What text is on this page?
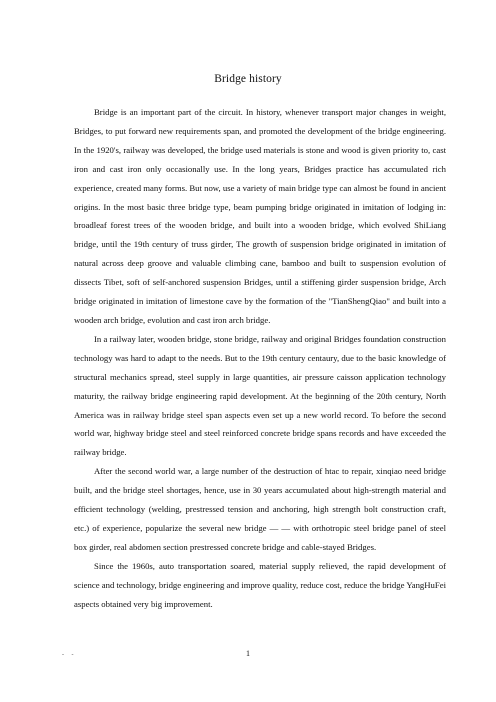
Bridge history

Bridge is an important part of the circuit. In history, whenever transport major changes in weight, Bridges, to put forward new requirements span, and promoted the development of the bridge engineering. In the 1920's, railway was developed, the bridge used materials is stone and wood is given priority to, cast iron and cast iron only occasionally use. In the long years, Bridges practice has accumulated rich experience, created many forms. But now, use a variety of main bridge type can almost be found in ancient origins. In the most basic three bridge type, beam pumping bridge originated in imitation of lodging in: broadleaf forest trees of the wooden bridge, and built into a wooden bridge, which evolved ShiLiang bridge, until the 19th century of truss girder, The growth of suspension bridge originated in imitation of natural across deep groove and valuable climbing cane, bamboo and built to suspension evolution of dissects Tibet, soft of self-anchored suspension Bridges, until a stiffening girder suspension bridge, Arch bridge originated in imitation of limestone cave by the formation of the "TianShengQiao" and built into a wooden arch bridge, evolution and cast iron arch bridge.

In a railway later, wooden bridge, stone bridge, railway and original Bridges foundation construction technology was hard to adapt to the needs. But to the 19th century centaury, due to the basic knowledge of structural mechanics spread, steel supply in large quantities, air pressure caisson application technology maturity, the railway bridge engineering rapid development. At the beginning of the 20th century, North America was in railway bridge steel span aspects even set up a new world record. To before the second world war, highway bridge steel and steel reinforced concrete bridge spans records and have exceeded the railway bridge.

After the second world war, a large number of the destruction of htac to repair, xinqiao need bridge built, and the bridge steel shortages, hence, use in 30 years accumulated about high-strength material and efficient technology (welding, prestressed tension and anchoring, high strength bolt construction craft, etc.) of experience, popularize the several new bridge — — with orthotropic steel bridge panel of steel box girder, real abdomen section prestressed concrete bridge and cable-stayed Bridges.

Since the 1960s, auto transportation soared, material supply relieved, the rapid development of science and technology, bridge engineering and improve quality, reduce cost, reduce the bridge YangHuFei aspects obtained very big improvement.

- -	1
